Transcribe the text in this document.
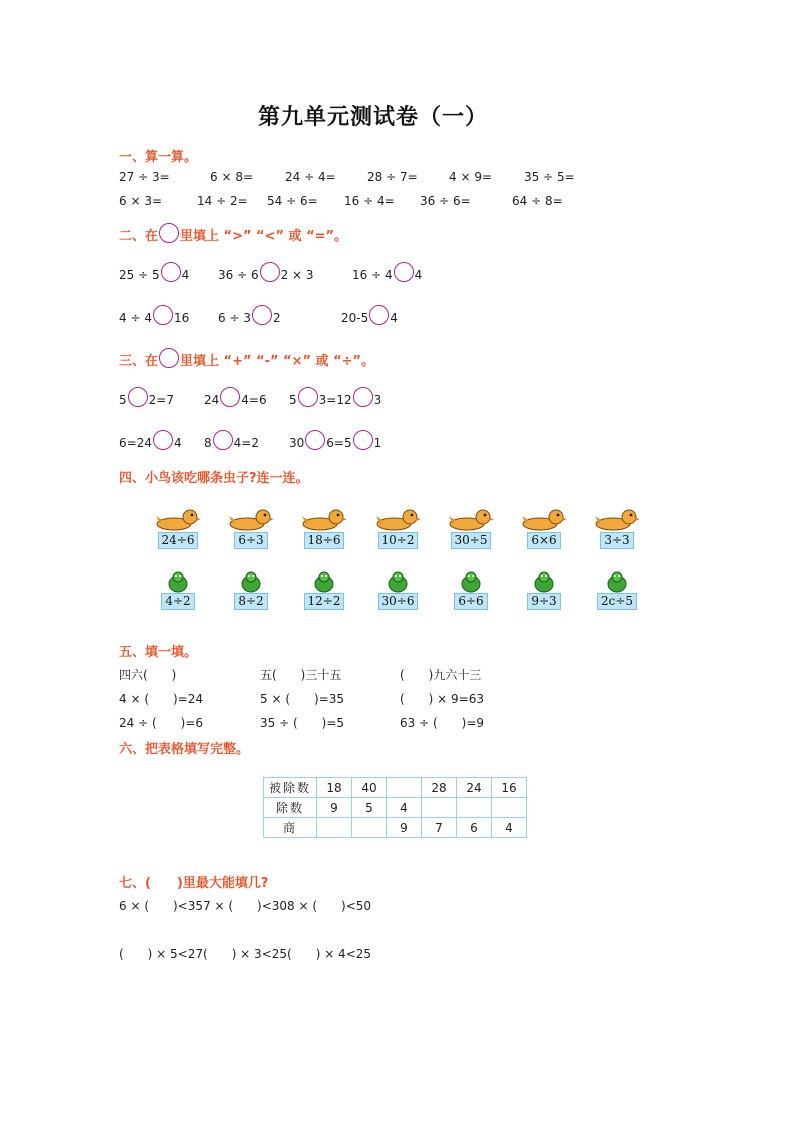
第九单元测试卷（一）
一、算一算。
27 ÷ 3=	6 × 8=	24 ÷ 4=	28 ÷ 7=	4 × 9=	35 ÷ 5=
6 × 3=	14 ÷ 2= 54 ÷ 6= 16 ÷ 4= 36 ÷ 6=	64 ÷ 8=
二、在 里填上 “>” “<” 或 “=”。
25 ÷ 5 4 36 ÷ 6 2 × 3	16 ÷ 4 4
4 ÷ 4 16 6 ÷ 3 2	20-5 4
三、在 里填上 “+” “-” “×” 或 “÷”。
5 2=7	24 4=6 5 3=12 3
6=24 4 8 4=2	30 6=5 1
四、小鸟该吃哪条虫子?连一连。
24÷6	6÷3	18÷6	10÷2	30÷5	6×6	3÷3
4÷2	8÷2	12÷2	30÷6	6÷6	9÷3	2c÷5
五、填一填。
四六(　　)	五(　　)三十五	(　　)九六十三
4 × (　　)=24	5 × (　　)=35	(　　) × 9=63
24 ÷ (　　)=6	35 ÷ (　　)=5	63 ÷ (　　)=9
六、把表格填写完整。
被除数	18	40		28	24	16
除数	9	5	4			
商			9	7	6	4
七、(　　)里最大能填几?
6 × (　　)<357 × (　　)<308 × (　　)<50
(　　) × 5<27(　　) × 3<25(　　) × 4<25
